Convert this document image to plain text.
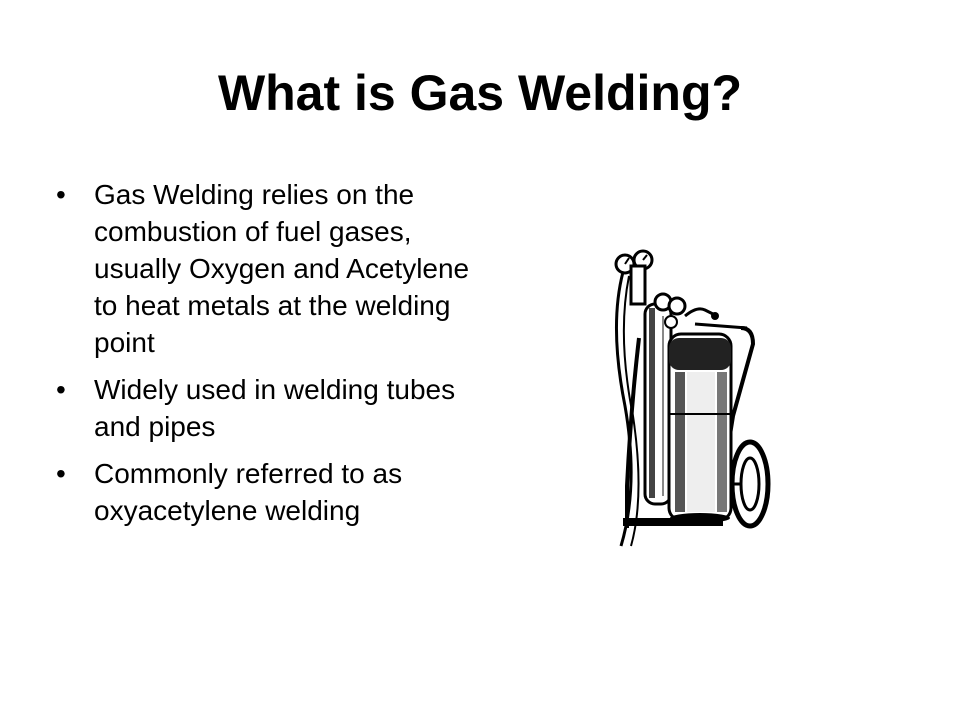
What is Gas Welding?
• Gas Welding relies on the combustion of fuel gases, usually Oxygen and Acetylene to heat metals at the welding point
• Widely used in welding tubes and pipes
• Commonly referred to as oxyacetylene welding
